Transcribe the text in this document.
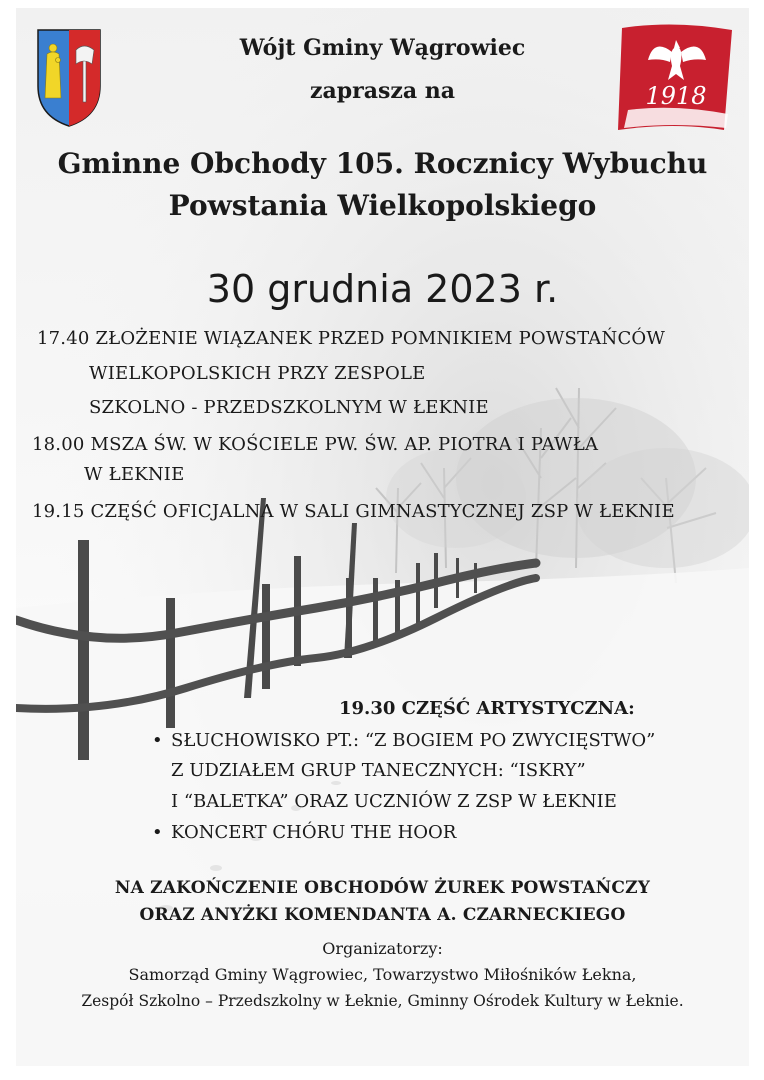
1918
Wójt Gminy Wągrowiec
zaprasza na
Gminne Obchody 105. Rocznicy Wybuchu
Powstania Wielkopolskiego
30 grudnia 2023 r.
17.40 ZŁOŻENIE WIĄZANEK PRZED POMNIKIEM POWSTAŃCÓW
WIELKOPOLSKICH PRZY ZESPOLE
SZKOLNO - PRZEDSZKOLNYM W ŁEKNIE
18.00 MSZA ŚW. W KOŚCIELE PW. ŚW. AP. PIOTRA I PAWŁA
W ŁEKNIE
19.15 CZĘŚĆ OFICJALNA W SALI GIMNASTYCZNEJ ZSP W ŁEKNIE
19.30 CZĘŚĆ ARTYSTYCZNA:
• SŁUCHOWISKO PT.: “Z BOGIEM PO ZWYCIĘSTWO”
Z UDZIAŁEM GRUP TANECZNYCH: “ISKRY”
I “BALETKA” ORAZ UCZNIÓW Z ZSP W ŁEKNIE
• KONCERT CHÓRU THE HOOR
NA ZAKOŃCZENIE OBCHODÓW ŻUREK POWSTAŃCZY
ORAZ ANYŻKI KOMENDANTA A. CZARNECKIEGO
Organizatorzy:
Samorząd Gminy Wągrowiec, Towarzystwo Miłośników Łekna,
Zespół Szkolno – Przedszkolny w Łeknie, Gminny Ośrodek Kultury w Łeknie.
